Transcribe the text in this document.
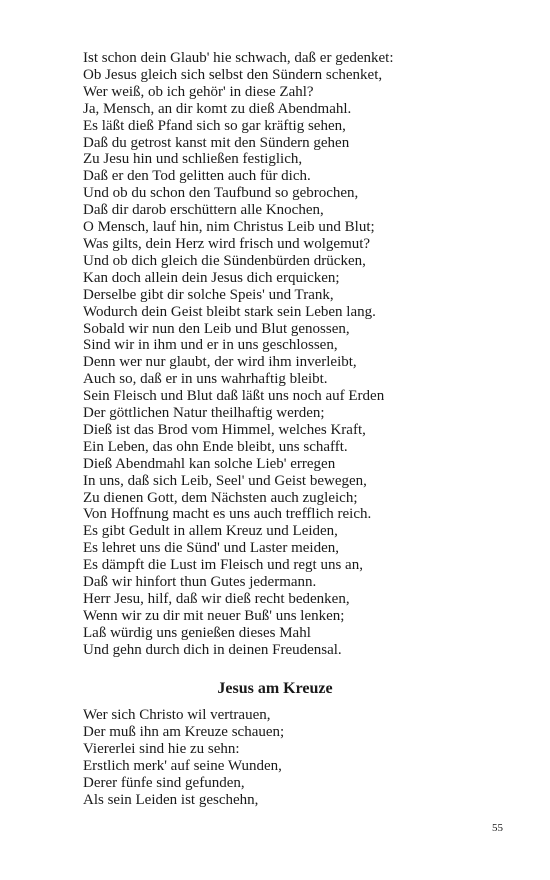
Ist schon dein Glaub' hie schwach, daß er gedenket:
Ob Jesus gleich sich selbst den Sündern schenket,
Wer weiß, ob ich gehör' in diese Zahl?
Ja, Mensch, an dir komt zu dieß Abendmahl.
Es läßt dieß Pfand sich so gar kräftig sehen,
Daß du getrost kanst mit den Sündern gehen
Zu Jesu hin und schließen festiglich,
Daß er den Tod gelitten auch für dich.
Und ob du schon den Taufbund so gebrochen,
Daß dir darob erschüttern alle Knochen,
O Mensch, lauf hin, nim Christus Leib und Blut;
Was gilts, dein Herz wird frisch und wolgemut?
Und ob dich gleich die Sündenbürden drücken,
Kan doch allein dein Jesus dich erquicken;
Derselbe gibt dir solche Speis' und Trank,
Wodurch dein Geist bleibt stark sein Leben lang.
Sobald wir nun den Leib und Blut genossen,
Sind wir in ihm und er in uns geschlossen,
Denn wer nur glaubt, der wird ihm inverleibt,
Auch so, daß er in uns wahrhaftig bleibt.
Sein Fleisch und Blut daß läßt uns noch auf Erden
Der göttlichen Natur theilhaftig werden;
Dieß ist das Brod vom Himmel, welches Kraft,
Ein Leben, das ohn Ende bleibt, uns schafft.
Dieß Abendmahl kan solche Lieb' erregen
In uns, daß sich Leib, Seel' und Geist bewegen,
Zu dienen Gott, dem Nächsten auch zugleich;
Von Hoffnung macht es uns auch trefflich reich.
Es gibt Gedult in allem Kreuz und Leiden,
Es lehret uns die Sünd' und Laster meiden,
Es dämpft die Lust im Fleisch und regt uns an,
Daß wir hinfort thun Gutes jedermann.
Herr Jesu, hilf, daß wir dieß recht bedenken,
Wenn wir zu dir mit neuer Buß' uns lenken;
Laß würdig uns genießen dieses Mahl
Und gehn durch dich in deinen Freudensal.
Jesus am Kreuze
Wer sich Christo wil vertrauen,
Der muß ihn am Kreuze schauen;
Viererlei sind hie zu sehn:
Erstlich merk' auf seine Wunden,
Derer fünfe sind gefunden,
Als sein Leiden ist geschehn,
55
